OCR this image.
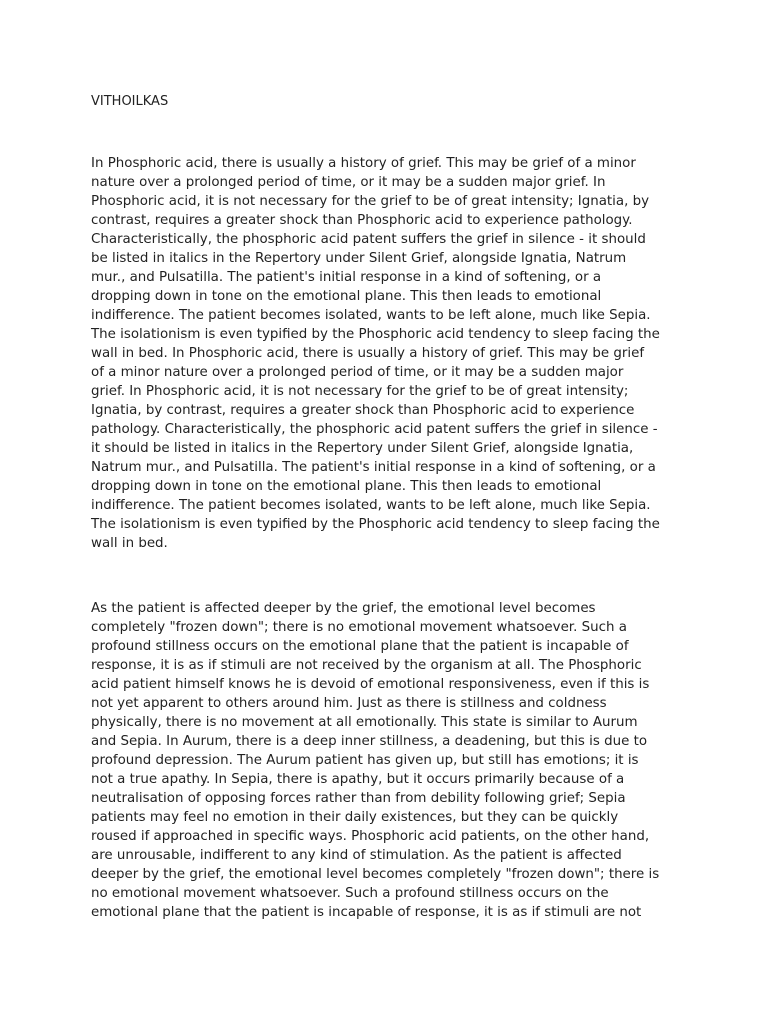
VITHOILKAS

In Phosphoric acid, there is usually a history of grief. This may be grief of a minor
nature over a prolonged period of time, or it may be a sudden major grief. In
Phosphoric acid, it is not necessary for the grief to be of great intensity; Ignatia, by
contrast, requires a greater shock than Phosphoric acid to experience pathology.
Characteristically, the phosphoric acid patent suffers the grief in silence - it should
be listed in italics in the Repertory under Silent Grief, alongside Ignatia, Natrum
mur., and Pulsatilla. The patient's initial response in a kind of softening, or a
dropping down in tone on the emotional plane. This then leads to emotional
indifference. The patient becomes isolated, wants to be left alone, much like Sepia.
The isolationism is even typified by the Phosphoric acid tendency to sleep facing the
wall in bed. In Phosphoric acid, there is usually a history of grief. This may be grief
of a minor nature over a prolonged period of time, or it may be a sudden major
grief. In Phosphoric acid, it is not necessary for the grief to be of great intensity;
Ignatia, by contrast, requires a greater shock than Phosphoric acid to experience
pathology. Characteristically, the phosphoric acid patent suffers the grief in silence -
it should be listed in italics in the Repertory under Silent Grief, alongside Ignatia,
Natrum mur., and Pulsatilla. The patient's initial response in a kind of softening, or a
dropping down in tone on the emotional plane. This then leads to emotional
indifference. The patient becomes isolated, wants to be left alone, much like Sepia.
The isolationism is even typified by the Phosphoric acid tendency to sleep facing the
wall in bed.
As the patient is affected deeper by the grief, the emotional level becomes
completely "frozen down"; there is no emotional movement whatsoever. Such a
profound stillness occurs on the emotional plane that the patient is incapable of
response, it is as if stimuli are not received by the organism at all. The Phosphoric
acid patient himself knows he is devoid of emotional responsiveness, even if this is
not yet apparent to others around him. Just as there is stillness and coldness
physically, there is no movement at all emotionally. This state is similar to Aurum
and Sepia. In Aurum, there is a deep inner stillness, a deadening, but this is due to
profound depression. The Aurum patient has given up, but still has emotions; it is
not a true apathy. In Sepia, there is apathy, but it occurs primarily because of a
neutralisation of opposing forces rather than from debility following grief; Sepia
patients may feel no emotion in their daily existences, but they can be quickly
roused if approached in specific ways. Phosphoric acid patients, on the other hand,
are unrousable, indifferent to any kind of stimulation. As the patient is affected
deeper by the grief, the emotional level becomes completely "frozen down"; there is
no emotional movement whatsoever. Such a profound stillness occurs on the
emotional plane that the patient is incapable of response, it is as if stimuli are not
